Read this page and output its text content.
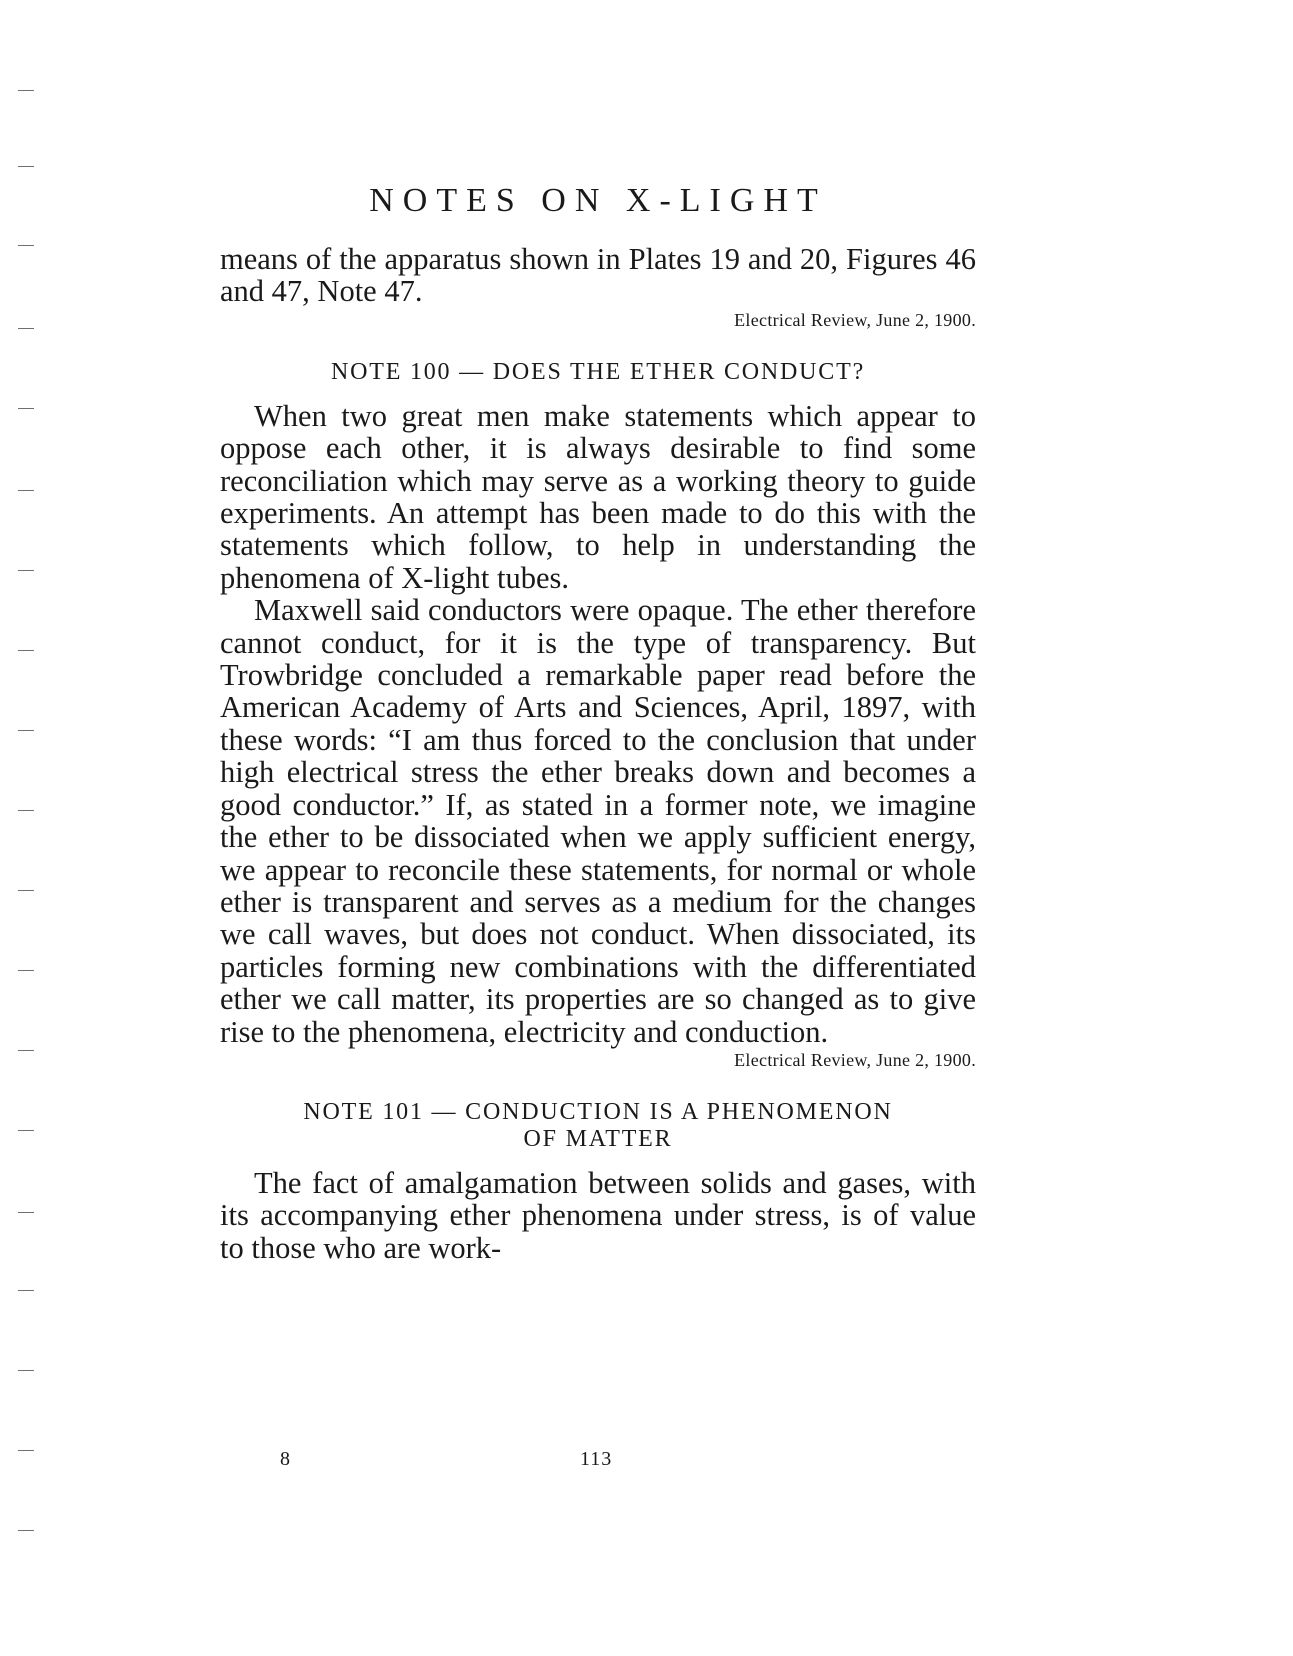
NOTES ON X-LIGHT

means of the apparatus shown in Plates 19 and 20, Figures 46 and 47, Note 47.

Electrical Review, June 2, 1900.

NOTE 100 — DOES THE ETHER CONDUCT?

When two great men make statements which appear to oppose each other, it is always desirable to find some reconciliation which may serve as a working theory to guide experiments. An attempt has been made to do this with the statements which follow, to help in understanding the phenomena of X-light tubes.

Maxwell said conductors were opaque. The ether therefore cannot conduct, for it is the type of transparency. But Trowbridge concluded a remarkable paper read before the American Academy of Arts and Sciences, April, 1897, with these words: “I am thus forced to the conclusion that under high electrical stress the ether breaks down and becomes a good conductor.” If, as stated in a former note, we imagine the ether to be dissociated when we apply sufficient energy, we appear to reconcile these statements, for normal or whole ether is transparent and serves as a medium for the changes we call waves, but does not conduct. When dissociated, its particles forming new combinations with the differentiated ether we call matter, its properties are so changed as to give rise to the phenomena, electricity and conduction.

Electrical Review, June 2, 1900.

NOTE 101 — CONDUCTION IS A PHENOMENON
OF MATTER

The fact of amalgamation between solids and gases, with its accompanying ether phenomena under stress, is of value to those who are work-

8	113
